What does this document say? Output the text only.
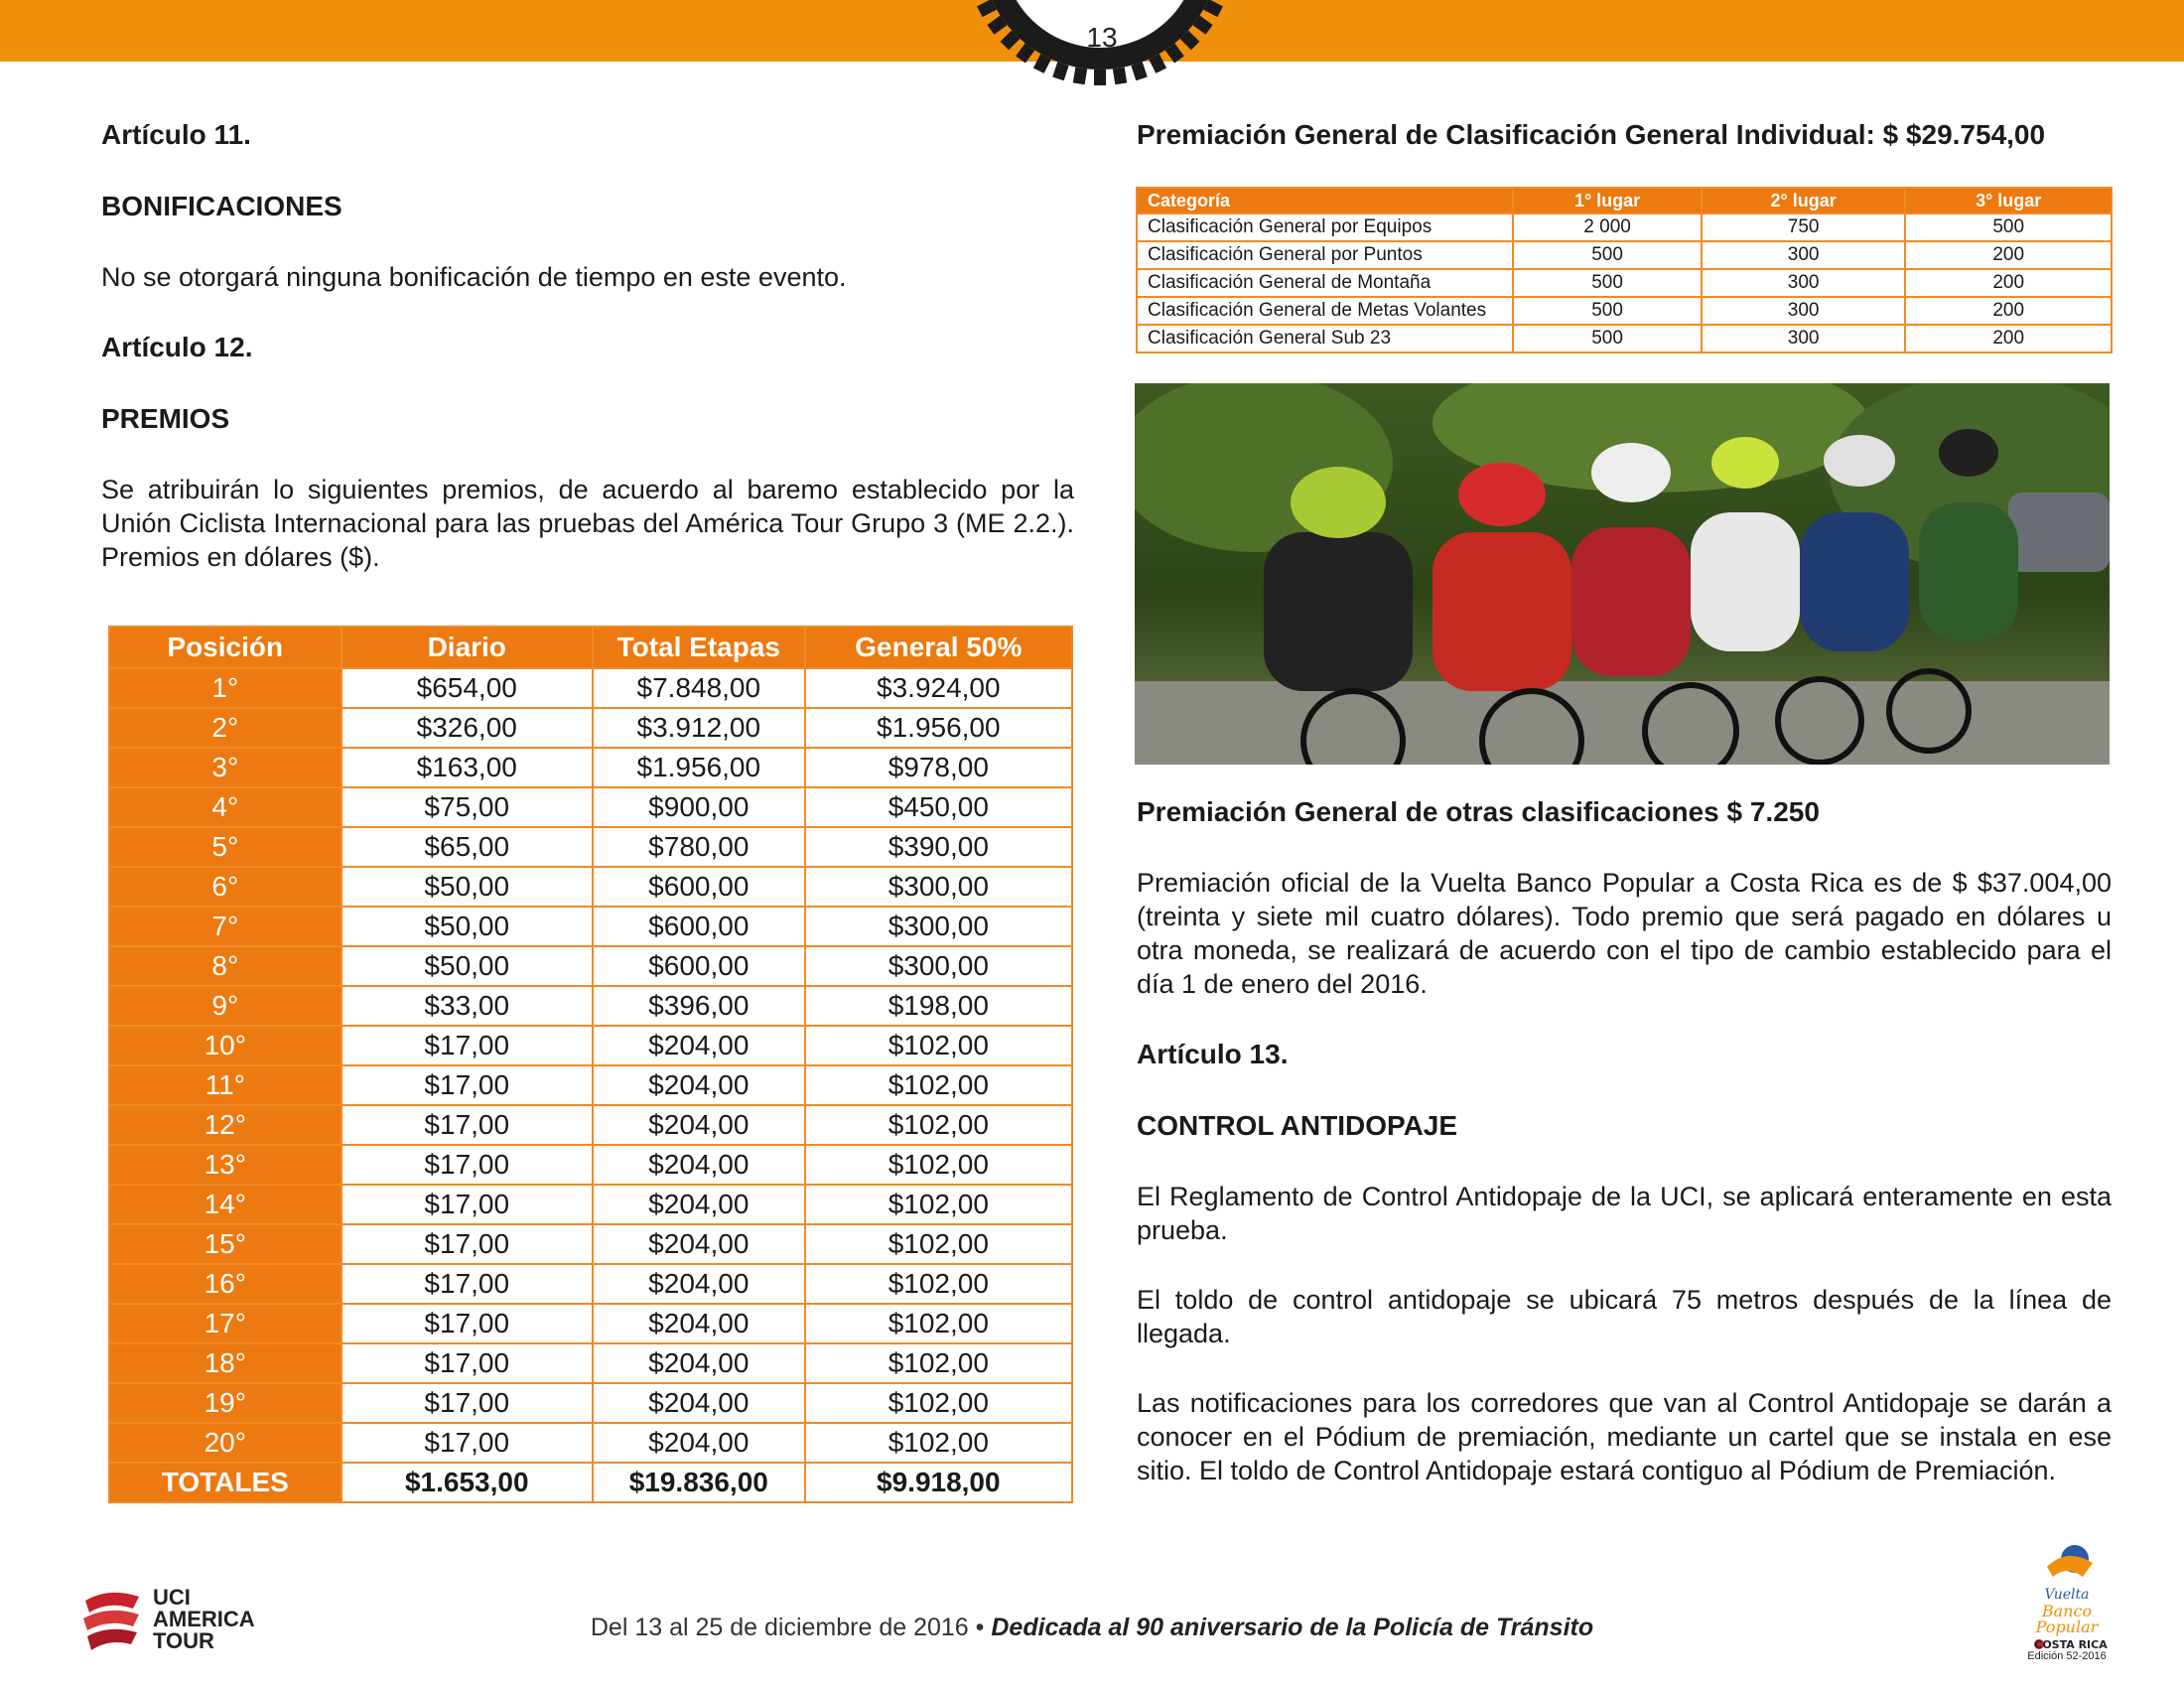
13
Artículo 11.
BONIFICACIONES
No se otorgará ninguna bonificación de tiempo en este evento.
Artículo 12.
PREMIOS
Se atribuirán lo siguientes premios, de acuerdo al baremo establecido por la Unión Ciclista Internacional para las pruebas del América Tour Grupo 3 (ME 2.2.). Premios en dólares ($).
Posición	Diario	Total Etapas	General 50%
1°	$654,00	$7.848,00	$3.924,00
2°	$326,00	$3.912,00	$1.956,00
3°	$163,00	$1.956,00	$978,00
4°	$75,00	$900,00	$450,00
5°	$65,00	$780,00	$390,00
6°	$50,00	$600,00	$300,00
7°	$50,00	$600,00	$300,00
8°	$50,00	$600,00	$300,00
9°	$33,00	$396,00	$198,00
10°	$17,00	$204,00	$102,00
11°	$17,00	$204,00	$102,00
12°	$17,00	$204,00	$102,00
13°	$17,00	$204,00	$102,00
14°	$17,00	$204,00	$102,00
15°	$17,00	$204,00	$102,00
16°	$17,00	$204,00	$102,00
17°	$17,00	$204,00	$102,00
18°	$17,00	$204,00	$102,00
19°	$17,00	$204,00	$102,00
20°	$17,00	$204,00	$102,00
TOTALES	$1.653,00	$19.836,00	$9.918,00
Premiación General de Clasificación General Individual: $ $29.754,00
Categoría	1° lugar	2° lugar	3° lugar
Clasificación General por Equipos	2 000	750	500
Clasificación General por Puntos	500	300	200
Clasificación General de Montaña	500	300	200
Clasificación General de Metas Volantes	500	300	200
Clasificación General Sub 23	500	300	200
Premiación General de otras clasificaciones $ 7.250
Premiación oficial de la Vuelta Banco Popular a Costa Rica es de $ $37.004,00 (treinta y siete mil cuatro dólares). Todo premio que será pagado en dólares u otra moneda, se realizará de acuerdo con el tipo de cambio establecido para el día 1 de enero del 2016.
Artículo 13.
CONTROL ANTIDOPAJE
El Reglamento de Control Antidopaje de la UCI, se aplicará enteramente en esta prueba.
El toldo de control antidopaje se ubicará 75 metros después de la línea de llegada.
Las notificaciones para los corredores que van al Control Antidopaje se darán a conocer en el Pódium de premiación, mediante un cartel que se instala en ese sitio. El toldo de Control Antidopaje estará contiguo al Pódium de Premiación.
UCI
AMERICA
TOUR	Del 13 al 25 de diciembre de 2016 • Dedicada al 90 aniversario de la Policía de Tránsito
Vuelta
Banco
Popular
COSTA RICA
Edición 52-2016
